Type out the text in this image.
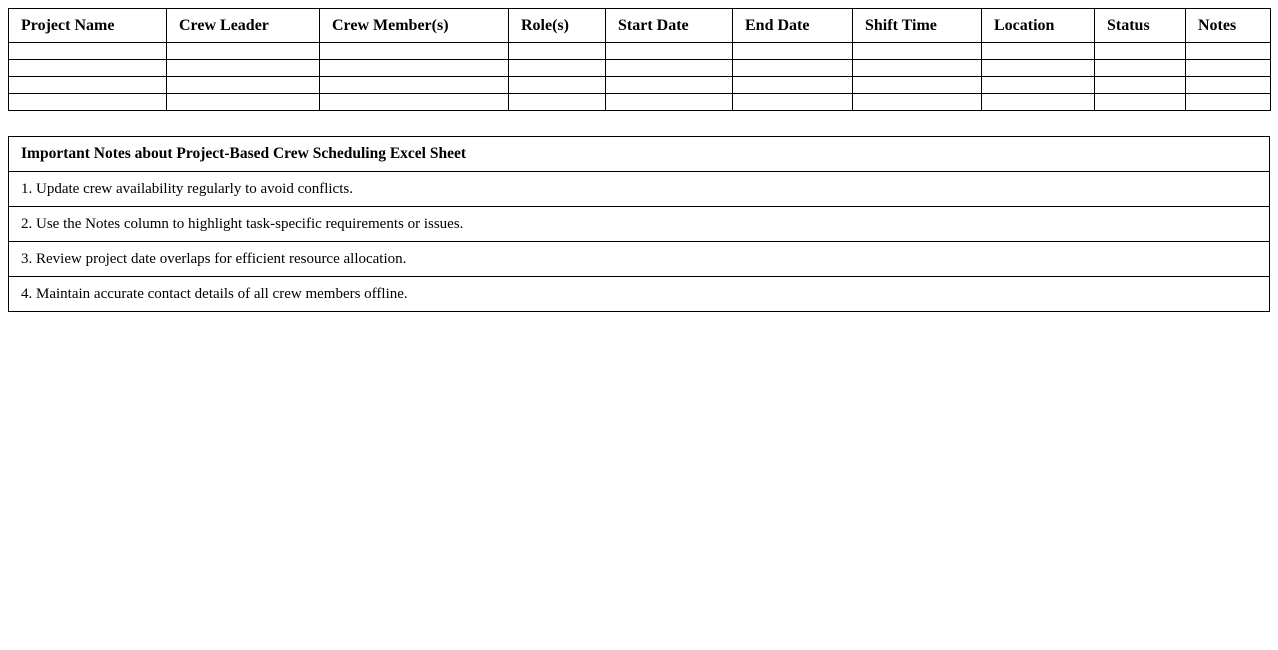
Project Name	Crew Leader	Crew Member(s)	Role(s)	Start Date	End Date	Shift Time	Location	Status	Notes

Important Notes about Project-Based Crew Scheduling Excel Sheet
1. Update crew availability regularly to avoid conflicts.
2. Use the Notes column to highlight task-specific requirements or issues.
3. Review project date overlaps for efficient resource allocation.
4. Maintain accurate contact details of all crew members offline.
